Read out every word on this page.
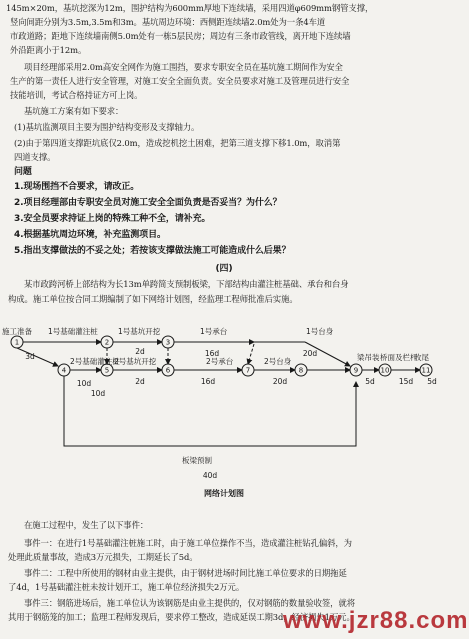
145m×20m，基坑挖深为12m，围护结构为600mm厚地下连续墙，采用四道φ609mm钢管支撑，
竖向间距分别为3.5m,3.5m和3m。基坑周边环境：西侧距连续墙2.0m处为一条4车道
市政道路；距地下连续墙南侧5.0m处有一栋5层民房；周边有三条市政管线，离开地下连续墙
外沿距离小于12m。
项目经理部采用2.0m高安全网作为施工围挡，要求专职安全员在基坑施工期间作为安全
生产的第一责任人进行安全管理，对施工安全全面负责。安全员要求对施工及管理员进行安全
技能培训，考试合格持证方可上岗。
基坑施工方案有如下要求：
(1)基坑监测项目主要为围护结构变形及支撑轴力。
(2)由于第四道支撑距坑底仅2.0m，造成挖机挖土困难，把第三道支撑下移1.0m，取消第
四道支撑。
问题
1.现场围挡不合要求，请改正。
2.项目经理部由专职安全员对施工安全全面负责是否妥当？为什么？
3.安全员要求持证上岗的特殊工种不全，请补充。
4.根据基坑周边环境，补充监测项目。
5.指出支撑做法的不妥之处；若按该支撑做法施工可能造成什么后果？
(四)
某市政跨河桥上部结构为长13m单跨简支预制板梁，下部结构由灌注桩基础、承台和台身
构成。施工单位按合同工期编制了如下网络计划图，经监理工程师批准后实施。
1	2	3
4	5	6	7	8	9	10	11
施工准备 1号基础灌注桩	1号基坑开挖	1号承台	1号台身
2号基础灌注桩
2号基坑开挖	2号承台	2号台身	梁吊装 桥面及栏杆
收尾
板梁预制
3d
10d
2d	16d	20d
10d	2d	16d	20d	5d	15d 5d
40d
网络计划图
在施工过程中，发生了以下事件：
事件一：在进行1号基础灌注桩施工时，由于施工单位操作不当，造成灌注桩钻孔偏斜，为
处理此质量事故，造成3万元损失，工期延长了5d。
事件二：工程中所使用的钢材由业主提供，由于钢材进场时间比施工单位要求的日期拖延
了4d，1号基础灌注桩未按计划开工，施工单位经济损失2万元。
事件三：钢筋进场后，施工单位认为该钢筋是由业主提供的，仅对钢筋的数量验收签，就将
其用于钢筋笼的加工；监理工程师发现后，要求停工整改，造成延误工期3d，经济损失1万元。
www.jzr88.com
